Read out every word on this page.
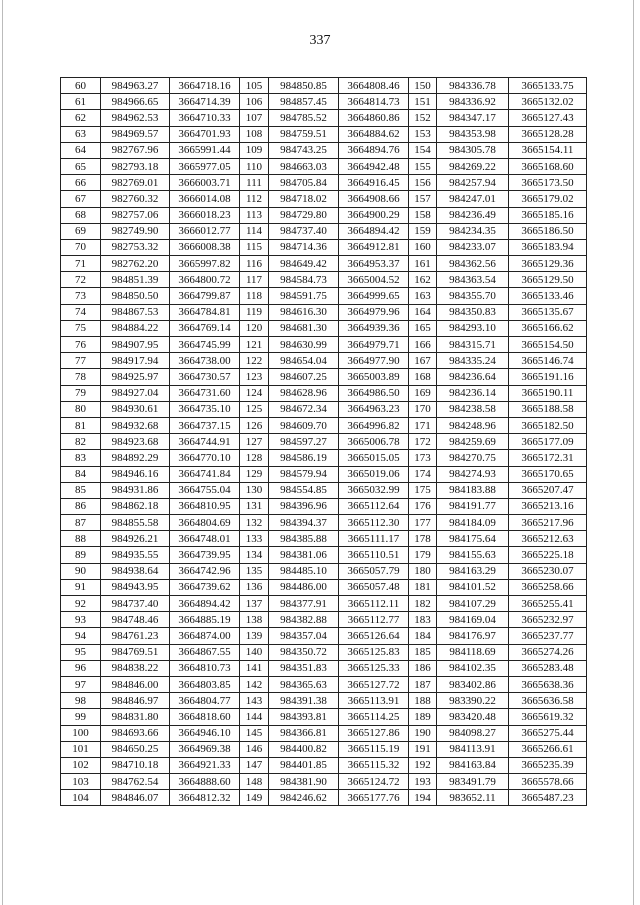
337
60	984963.27	3664718.16	105	984850.85	3664808.46	150	984336.78	3665133.75
61	984966.65	3664714.39	106	984857.45	3664814.73	151	984336.92	3665132.02
62	984962.53	3664710.33	107	984785.52	3664860.86	152	984347.17	3665127.43
63	984969.57	3664701.93	108	984759.51	3664884.62	153	984353.98	3665128.28
64	982767.96	3665991.44	109	984743.25	3664894.76	154	984305.78	3665154.11
65	982793.18	3665977.05	110	984663.03	3664942.48	155	984269.22	3665168.60
66	982769.01	3666003.71	111	984705.84	3664916.45	156	984257.94	3665173.50
67	982760.32	3666014.08	112	984718.02	3664908.66	157	984247.01	3665179.02
68	982757.06	3666018.23	113	984729.80	3664900.29	158	984236.49	3665185.16
69	982749.90	3666012.77	114	984737.40	3664894.42	159	984234.35	3665186.50
70	982753.32	3666008.38	115	984714.36	3664912.81	160	984233.07	3665183.94
71	982762.20	3665997.82	116	984649.42	3664953.37	161	984362.56	3665129.36
72	984851.39	3664800.72	117	984584.73	3665004.52	162	984363.54	3665129.50
73	984850.50	3664799.87	118	984591.75	3664999.65	163	984355.70	3665133.46
74	984867.53	3664784.81	119	984616.30	3664979.96	164	984350.83	3665135.67
75	984884.22	3664769.14	120	984681.30	3664939.36	165	984293.10	3665166.62
76	984907.95	3664745.99	121	984630.99	3664979.71	166	984315.71	3665154.50
77	984917.94	3664738.00	122	984654.04	3664977.90	167	984335.24	3665146.74
78	984925.97	3664730.57	123	984607.25	3665003.89	168	984236.64	3665191.16
79	984927.04	3664731.60	124	984628.96	3664986.50	169	984236.14	3665190.11
80	984930.61	3664735.10	125	984672.34	3664963.23	170	984238.58	3665188.58
81	984932.68	3664737.15	126	984609.70	3664996.82	171	984248.96	3665182.50
82	984923.68	3664744.91	127	984597.27	3665006.78	172	984259.69	3665177.09
83	984892.29	3664770.10	128	984586.19	3665015.05	173	984270.75	3665172.31
84	984946.16	3664741.84	129	984579.94	3665019.06	174	984274.93	3665170.65
85	984931.86	3664755.04	130	984554.85	3665032.99	175	984183.88	3665207.47
86	984862.18	3664810.95	131	984396.96	3665112.64	176	984191.77	3665213.16
87	984855.58	3664804.69	132	984394.37	3665112.30	177	984184.09	3665217.96
88	984926.21	3664748.01	133	984385.88	3665111.17	178	984175.64	3665212.63
89	984935.55	3664739.95	134	984381.06	3665110.51	179	984155.63	3665225.18
90	984938.64	3664742.96	135	984485.10	3665057.79	180	984163.29	3665230.07
91	984943.95	3664739.62	136	984486.00	3665057.48	181	984101.52	3665258.66
92	984737.40	3664894.42	137	984377.91	3665112.11	182	984107.29	3665255.41
93	984748.46	3664885.19	138	984382.88	3665112.77	183	984169.04	3665232.97
94	984761.23	3664874.00	139	984357.04	3665126.64	184	984176.97	3665237.77
95	984769.51	3664867.55	140	984350.72	3665125.83	185	984118.69	3665274.26
96	984838.22	3664810.73	141	984351.83	3665125.33	186	984102.35	3665283.48
97	984846.00	3664803.85	142	984365.63	3665127.72	187	983402.86	3665638.36
98	984846.97	3664804.77	143	984391.38	3665113.91	188	983390.22	3665636.58
99	984831.80	3664818.60	144	984393.81	3665114.25	189	983420.48	3665619.32
100	984693.66	3664946.10	145	984366.81	3665127.86	190	984098.27	3665275.44
101	984650.25	3664969.38	146	984400.82	3665115.19	191	984113.91	3665266.61
102	984710.18	3664921.33	147	984401.85	3665115.32	192	984163.84	3665235.39
103	984762.54	3664888.60	148	984381.90	3665124.72	193	983491.79	3665578.66
104	984846.07	3664812.32	149	984246.62	3665177.76	194	983652.11	3665487.23
